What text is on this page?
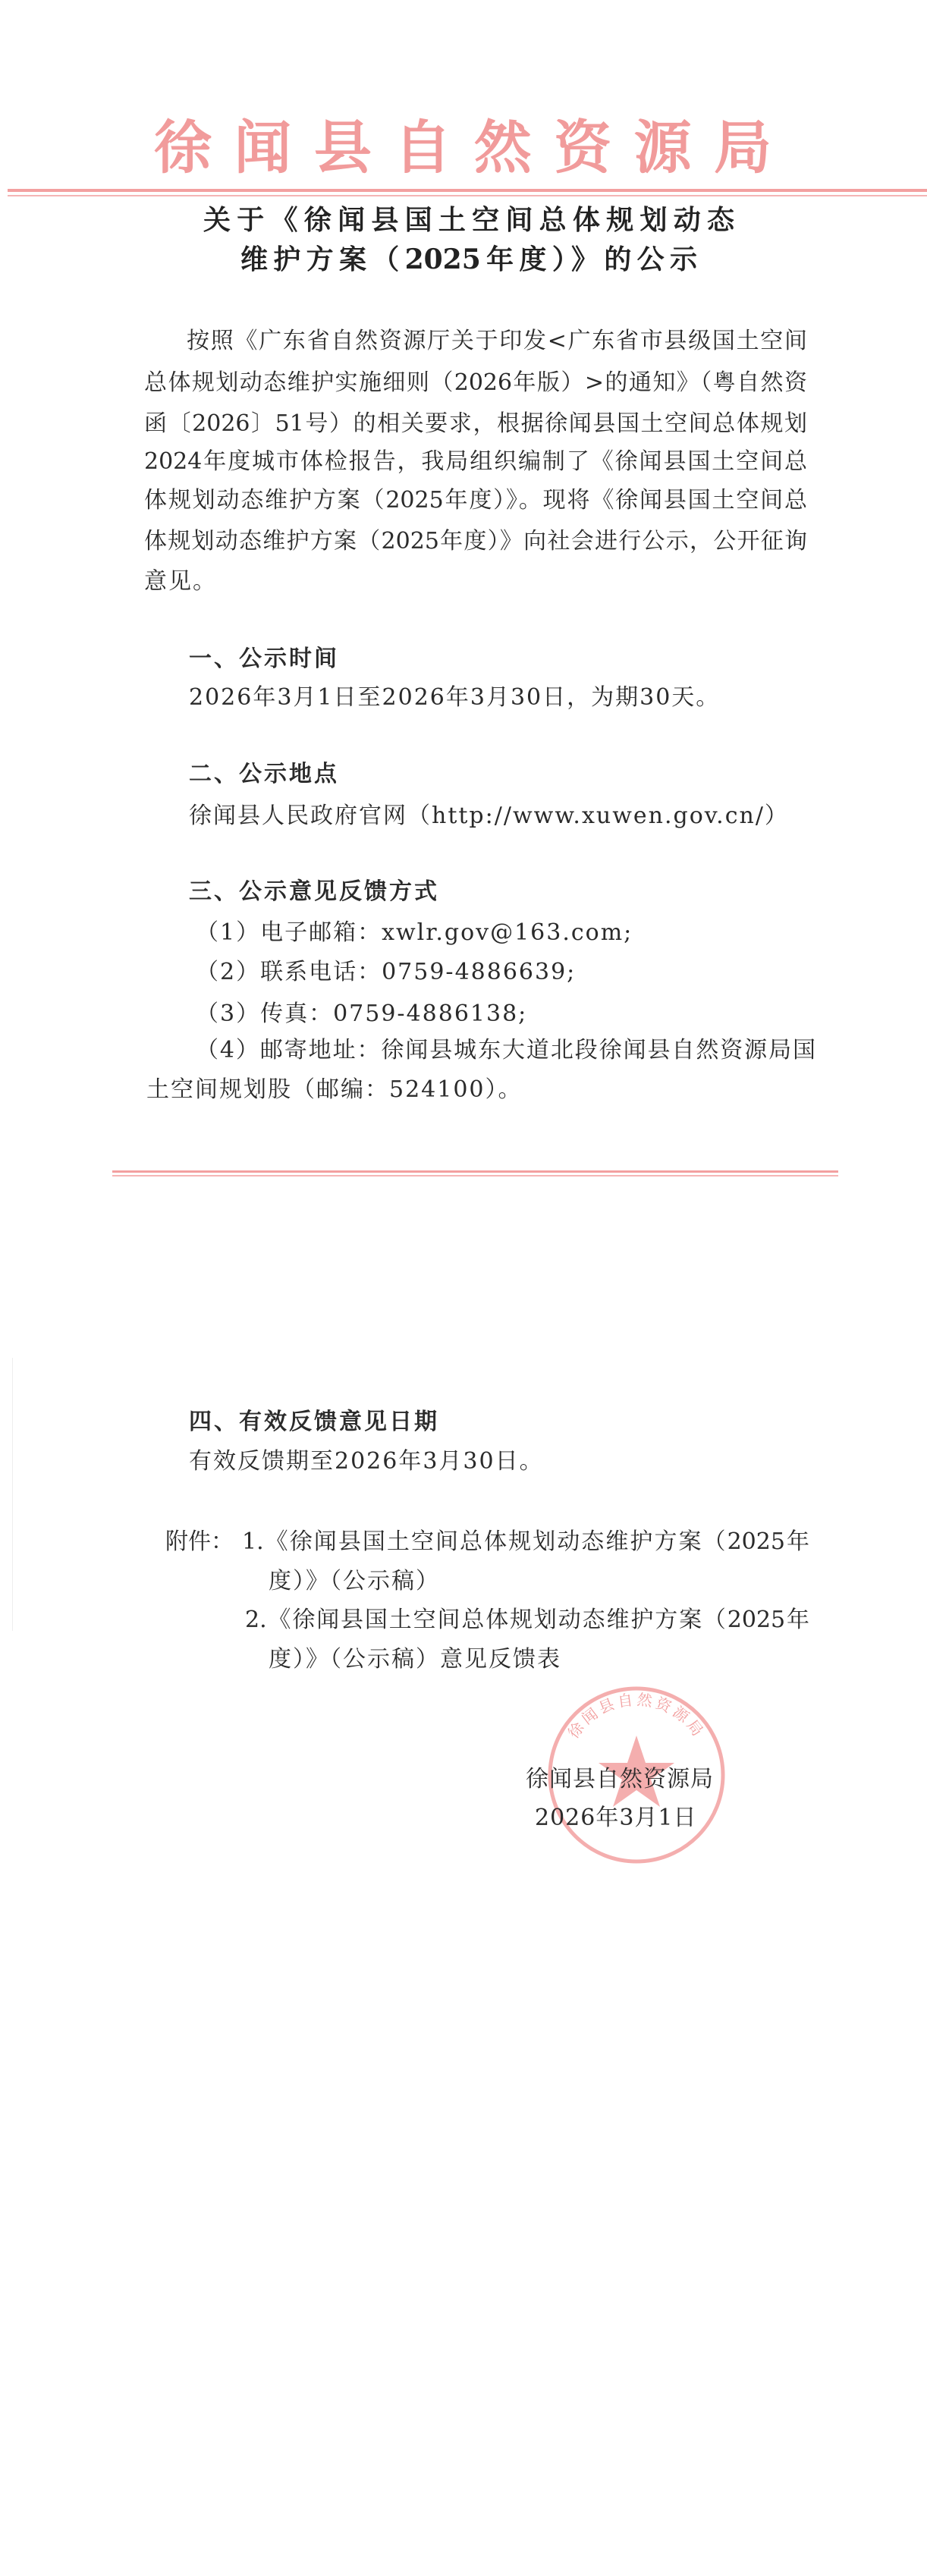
徐闻县自然资源局
关于《徐闻县国土空间总体规划动态
维护方案（2025年度）》的公示
按照《广东省自然资源厅关于印发<广东省市县级国土空间
总体规划动态维护实施细则（2026年版）>的通知》（粤自然资
函〔2026〕51号）的相关要求，根据徐闻县国土空间总体规划
2024年度城市体检报告，我局组织编制了《徐闻县国土空间总
体规划动态维护方案（2025年度）》。现将《徐闻县国土空间总
体规划动态维护方案（2025年度）》向社会进行公示，公开征询
意见。
一、公示时间
2026年3月1日至2026年3月30日，为期30天。
二、公示地点
徐闻县人民政府官网（http://www.xuwen.gov.cn/）
三、公示意见反馈方式
（1）电子邮箱：xwlr.gov@163.com;
（2）联系电话：0759-4886639;
（3）传真：0759-4886138;
（4）邮寄地址：徐闻县城东大道北段徐闻县自然资源局国
土空间规划股（邮编：524100）。
四、有效反馈意见日期
有效反馈期至2026年3月30日。
附件： 1.《徐闻县国土空间总体规划动态维护方案（2025年
度）》（公示稿）
2.《徐闻县国土空间总体规划动态维护方案（2025年
度）》（公示稿）意见反馈表
徐闻县自然资源局
徐闻县自然资源局
2026年3月1日
